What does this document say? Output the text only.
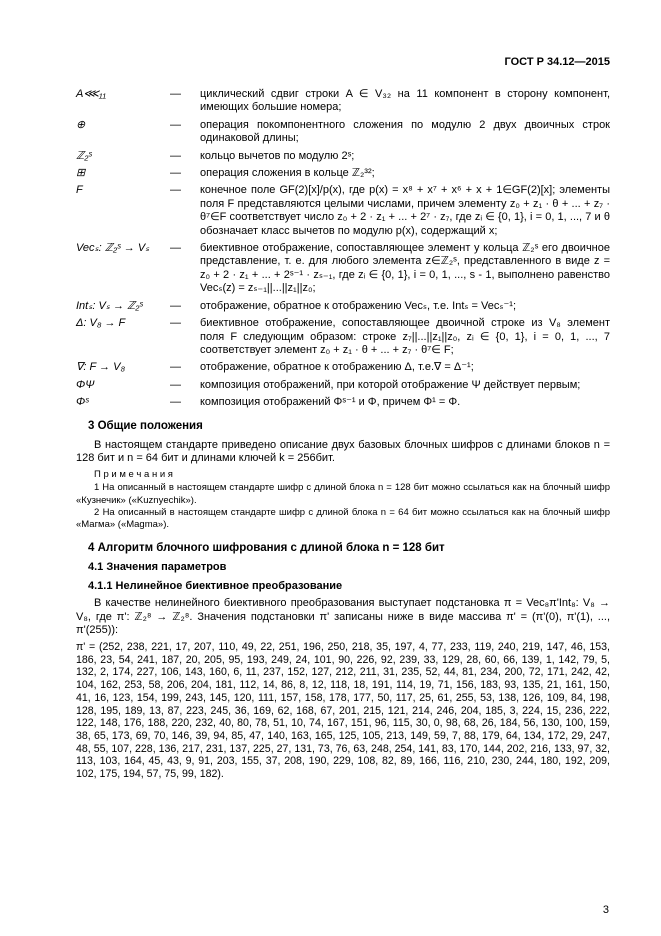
ГОСТ Р 34.12—2015
A⋘₁₁	—	циклический сдвиг строки A ∈ V₃₂ на 11 компонент в сторону компонент, имеющих большие номера;
⊕	—	операция покомпонентного сложения по модулю 2 двух двоичных строк одинаковой длины;
ℤ₂ˢ	—	кольцо вычетов по модулю 2ˢ;
⊞	—	операция сложения в кольце ℤ₂³²;
F	—	конечное поле GF(2)[x]/p(x), где p(x) = x⁸ + x⁷ + x⁶ + x + 1∈GF(2)[x]; элементы поля F представляются целыми числами, причем элементу z₀ + z₁ · θ + ... + z₇ · θ⁷∈F соответствует число z₀ + 2 · z₁ + ... + 2⁷ · z₇, где zᵢ ∈ {0, 1}, i = 0, 1, ..., 7 и θ обозначает класс вычетов по модулю p(x), содержащий x;
Vecₛ: ℤ₂ˢ → Vₛ	—	биективное отображение, сопоставляющее элемент у кольца ℤ₂ˢ его двоичное представление, т. е. для любого элемента z∈ℤ₂ˢ, представленного в виде z = z₀ + 2 · z₁ + ... + 2ˢ⁻¹ · zₛ₋₁, где zᵢ ∈ {0, 1}, i = 0, 1, ..., s - 1, выполнено равенство Vecₛ(z) = zₛ₋₁||...||z₁||z₀;
Intₛ: Vₛ → ℤ₂ˢ	—	отображение, обратное к отображению Vecₛ, т.е. Intₛ = Vecₛ⁻¹;
Δ: V₈ → F	—	биективное отображение, сопоставляющее двоичной строке из V₈ элемент поля F следующим образом: строке z₇||...||z₁||z₀, zᵢ ∈ {0, 1}, i = 0, 1, ..., 7 соответствует элемент z₀ + z₁ · θ + ... + z₇ · θ⁷∈ F;
∇: F → V₈	—	отображение, обратное к отображению Δ, т.е.∇ = Δ⁻¹;
ΦΨ	—	композиция отображений, при которой отображение Ψ действует первым;
Φˢ	—	композиция отображений Φˢ⁻¹ и Φ, причем Φ¹ = Φ.
3 Общие положения

В настоящем стандарте приведено описание двух базовых блочных шифров с длинами блоков n = 128 бит и n = 64 бит и длинами ключей k = 256бит.

П р и м е ч а н и я

1 На описанный в настоящем стандарте шифр с длиной блока n = 128 бит можно ссылаться как на блочный шифр «Кузнечик» («Kuznyechik»).

2 На описанный в настоящем стандарте шифр с длиной блока n = 64 бит можно ссылаться как на блочный шифр «Магма» («Magma»).

4 Алгоритм блочного шифрования с длиной блока n = 128 бит
4.1 Значения параметров
4.1.1 Нелинейное биективное преобразование

В качестве нелинейного биективного преобразования выступает подстановка π = Vec₈π'Int₈: V₈ → V₈, где π': ℤ₂⁸ → ℤ₂⁸. Значения подстановки π' записаны ниже в виде массива π' = (π'(0), π'(1), ..., π'(255)):

π' = (252, 238, 221, 17, 207, 110, 49, 22, 251, 196, 250, 218, 35, 197, 4, 77, 233, 119, 240, 219, 147, 46, 153, 186, 23, 54, 241, 187, 20, 205, 95, 193, 249, 24, 101, 90, 226, 92, 239, 33, 129, 28, 60, 66, 139, 1, 142, 79, 5, 132, 2, 174, 227, 106, 143, 160, 6, 11, 237, 152, 127, 212, 211, 31, 235, 52, 44, 81, 234, 200, 72, 171, 242, 42, 104, 162, 253, 58, 206, 204, 181, 112, 14, 86, 8, 12, 118, 18, 191, 114, 19, 71, 156, 183, 93, 135, 21, 161, 150, 41, 16, 123, 154, 199, 243, 145, 120, 111, 157, 158, 178, 177, 50, 117, 25, 61, 255, 53, 138, 126, 109, 84, 198, 128, 195, 189, 13, 87, 223, 245, 36, 169, 62, 168, 67, 201, 215, 121, 214, 246, 204, 185, 3, 224, 15, 236, 222, 122, 148, 176, 188, 220, 232, 40, 80, 78, 51, 10, 74, 167, 151, 96, 115, 30, 0, 98, 68, 26, 184, 56, 130, 100, 159, 38, 65, 173, 69, 70, 146, 39, 94, 85, 47, 140, 163, 165, 125, 105, 213, 149, 59, 7, 88, 179, 64, 134, 172, 29, 247, 48, 55, 107, 228, 136, 217, 231, 137, 225, 27, 131, 73, 76, 63, 248, 254, 141, 83, 170, 144, 202, 216, 133, 97, 32, 113, 103, 164, 45, 43, 9, 91, 203, 155, 37, 208, 190, 229, 108, 82, 89, 166, 116, 210, 230, 244, 180, 192, 209, 102, 175, 194, 57, 75, 99, 182).
3
